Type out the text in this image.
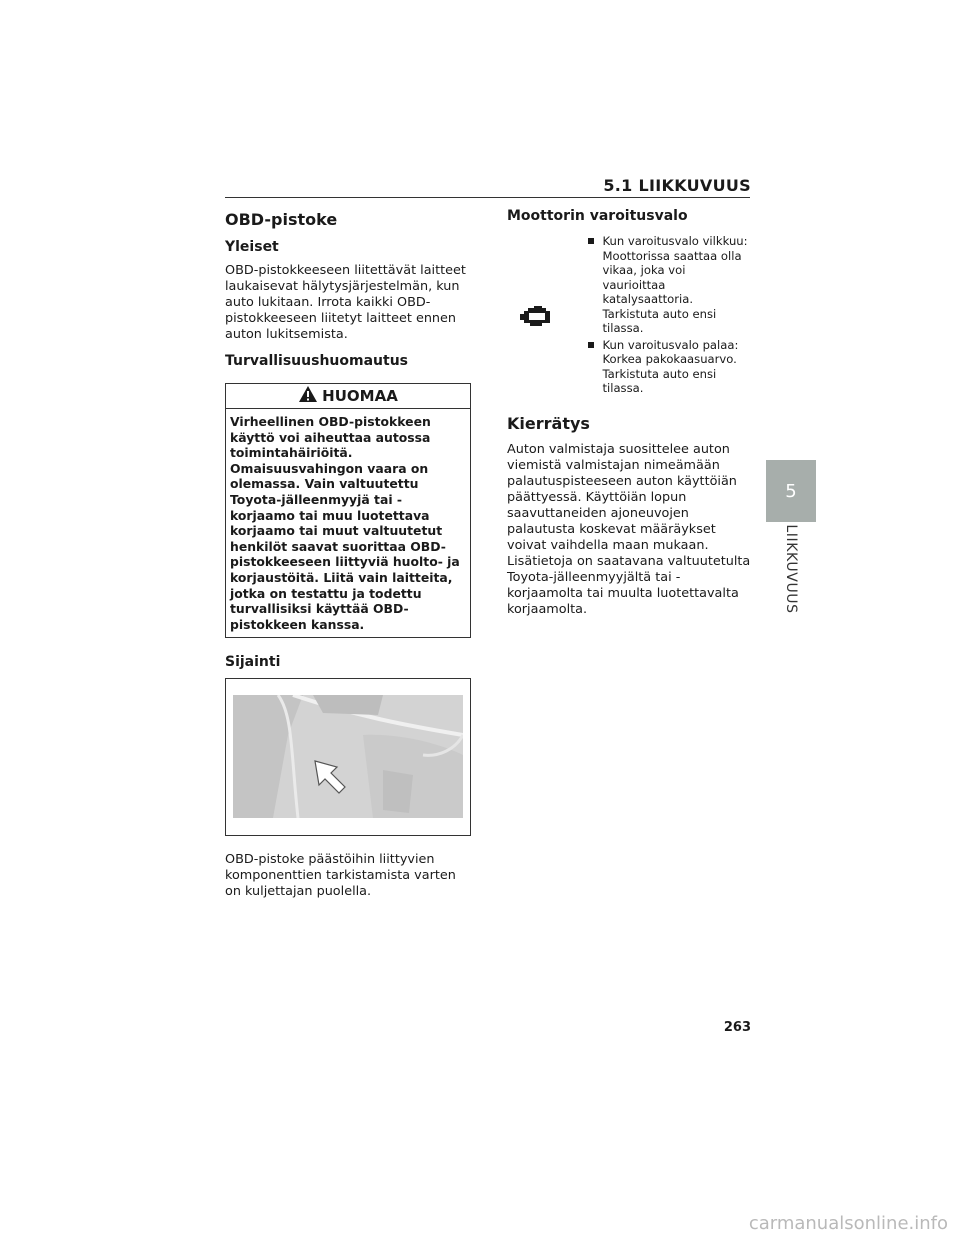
5.1 LIIKKUVUUS
OBD-pistoke
Yleiset

OBD-pistokkeeseen liitettävät laitteet laukaisevat hälytysjärjestelmän, kun auto lukitaan. Irrota kaikki OBD-pistokkeeseen liitetyt laitteet ennen auton lukitsemista.

Turvallisuushuomautus
HUOMAA
Virheellinen OBD-pistokkeen käyttö voi aiheuttaa autossa toimintahäiriöitä. Omaisuusvahingon vaara on olemassa. Vain valtuutettu Toyota-jälleenmyyjä tai -korjaamo tai muu luotettava korjaamo tai muut valtuutetut henkilöt saavat suorittaa OBD-pistokkeeseen liittyviä huolto- ja korjaustöitä. Liitä vain laitteita, jotka on testattu ja todettu turvallisiksi käyttää OBD-pistokkeen kanssa.
Sijainti

OBD-pistoke päästöihin liittyvien komponenttien tarkistamista varten on kuljettajan puolella.

Moottorin varoitusvalo
Kun varoitusvalo vilkkuu: Moottorissa saattaa olla vikaa, joka voi vaurioittaa katalysaattoria. Tarkistuta auto ensi tilassa.
Kun varoitusvalo palaa: Korkea pakokaasuarvo. Tarkistuta auto ensi tilassa.
Kierrätys

Auton valmistaja suosittelee auton viemistä valmistajan nimeämään palautuspisteeseen auton käyttöiän päättyessä. Käyttöiän lopun saavuttaneiden ajoneuvojen palautusta koskevat määräykset voivat vaihdella maan mukaan. Lisätietoja on saatavana valtuutetulta Toyota-jälleenmyyjältä tai -korjaamolta tai muulta luotettavalta korjaamolta.

5
LIIKKUVUUS
263
carmanualsonline.info
